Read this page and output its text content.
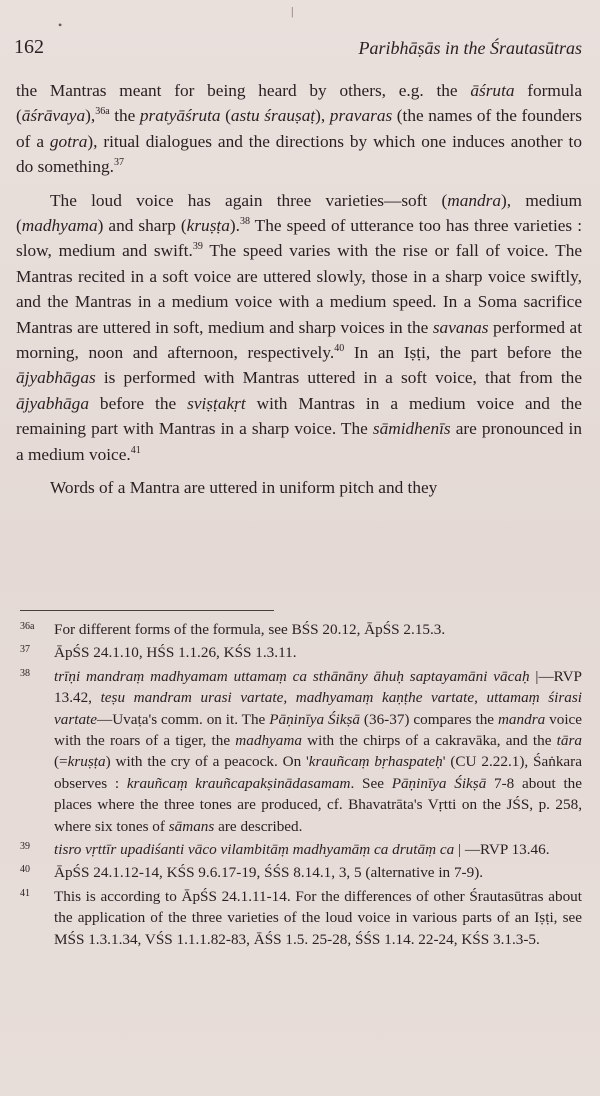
•
|
162	Paribhāṣās in the Śrautasūtras

the Mantras meant for being heard by others, e.g. the āśruta formula (āśrāvaya),$^{36a}$ the pratyāśruta (astu śrauṣaṭ), pravaras (the names of the founders of a gotra), ritual dialogues and the directions by which one induces another to do something.$^{37}$

The loud voice has again three varieties—soft (mandra), medium (madhyama) and sharp (kruṣṭa).$^{38}$ The speed of utterance too has three varieties : slow, medium and swift.$^{39}$ The speed varies with the rise or fall of voice. The Mantras recited in a soft voice are uttered slowly, those in a sharp voice swiftly, and the Mantras in a medium voice with a medium speed. In a Soma sacrifice Mantras are uttered in soft, medium and sharp voices in the savanas performed at morning, noon and afternoon, respectively.$^{40}$ In an Iṣṭi, the part before the ājyabhāgas is performed with Mantras uttered in a soft voice, that from the ājyabhāga before the sviṣṭakṛt with Mantras in a medium voice and the remaining part with Mantras in a sharp voice. The sāmidhenīs are pronounced in a medium voice.$^{41}$

Words of a Mantra are uttered in uniform pitch and they

36a For different forms of the formula, see BŚS 20.12, ĀpŚS 2.15.3.
37 ĀpŚS 24.1.10, HŚS 1.1.26, KŚS 1.3.11.
38 trīṇi mandraṃ madhyamam uttamaṃ ca sthānāny āhuḥ saptayamāni vācaḥ |—RVP 13.42, teṣu mandram urasi vartate, madhyamaṃ kaṇṭhe vartate, uttamaṃ śirasi vartate—Uvaṭa's comm. on it. The Pāṇinīya Śikṣā (36-37) compares the mandra voice with the roars of a tiger, the madhyama with the chirps of a cakravāka, and the tāra (=kruṣṭa) with the cry of a peacock. On 'krauñcaṃ bṛhaspateḥ' (CU 2.22.1), Śaṅkara observes : krauñcaṃ krauñcapakṣinādasamam. See Pāṇinīya Śikṣā 7-8 about the places where the three tones are produced, cf. Bhavatrāta's Vṛtti on the JŚS, p. 258, where six tones of sāmans are described.
39 tisro vṛttīr upadiśanti vāco vilambitāṃ madhyamāṃ ca drutāṃ ca | —RVP 13.46.
40 ĀpŚS 24.1.12-14, KŚS 9.6.17-19, ŚŚS 8.14.1, 3, 5 (alternative in 7-9).
41 This is according to ĀpŚS 24.1.11-14. For the differences of other Śrautasūtras about the application of the three varieties of the loud voice in various parts of an Iṣṭi, see MŚS 1.3.1.34, VŚS 1.1.1.82-83, ĀŚS 1.5. 25-28, ŚŚS 1.14. 22-24, KŚS 3.1.3-5.
